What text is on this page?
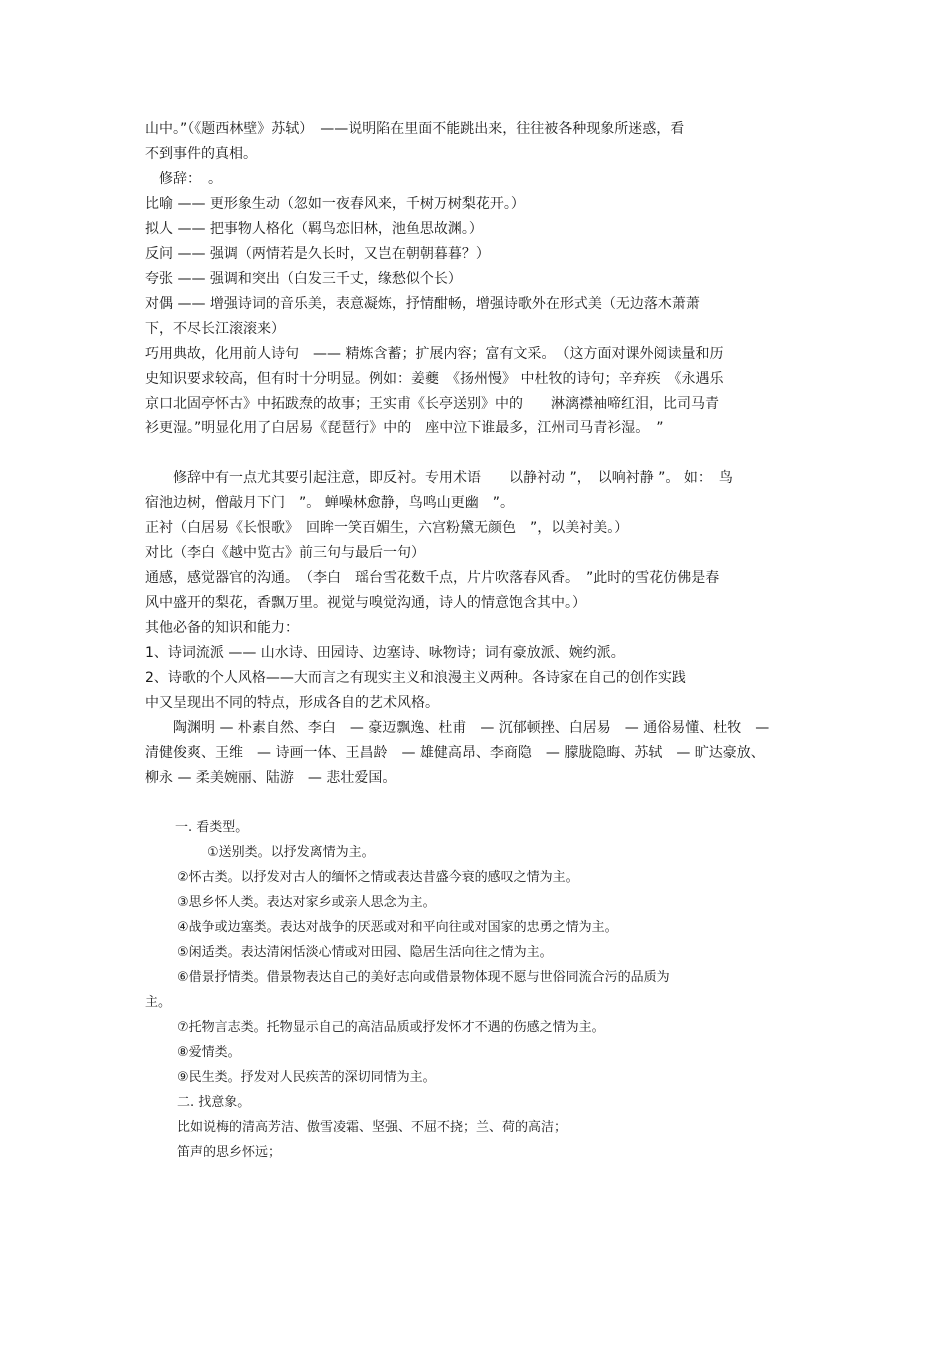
山中。”（《题西林壁》苏轼）　——说明陷在里面不能跳出来，往往被各种现象所迷惑，看
不到事件的真相。
　修辞：　。
比喻 —— 更形象生动（忽如一夜春风来，千树万树梨花开。）
拟人 —— 把事物人格化（羁鸟恋旧林，池鱼思故渊。）
反问 —— 强调（两情若是久长时，又岂在朝朝暮暮？）
夸张 —— 强调和突出（白发三千丈，缘愁似个长）
对偶 —— 增强诗词的音乐美，表意凝炼，抒情酣畅，增强诗歌外在形式美（无边落木萧萧
下，不尽长江滚滚来）
巧用典故，化用前人诗句　—— 精炼含蓄；扩展内容；富有文采。　（这方面对课外阅读量和历
史知识要求较高，但有时十分明显。例如：姜夔　《扬州慢》 中杜牧的诗句；辛弃疾　《永遇乐
京口北固亭怀古》中拓跋焘的故事；王实甫《长亭送别》中的　　淋漓襟袖啼红泪，比司马青
衫更湿。”明显化用了白居易《琵琶行》中的　座中泣下谁最多，江州司马青衫湿。　”
　　修辞中有一点尤其要引起注意，即反衬。专用术语　　以静衬动 ”，　以响衬静 ”。 如：　鸟
宿池边树，僧敲月下门　”。 蝉噪林愈静，鸟鸣山更幽　”。
正衬（白居易《长恨歌》　回眸一笑百媚生，六宫粉黛无颜色　”，以美衬美。）
对比（李白《越中览古》前三句与最后一句）
通感，感觉器官的沟通。　（李白　瑶台雪花数千点，片片吹落春风香。　”此时的雪花仿佛是春
风中盛开的梨花，香飘万里。视觉与嗅觉沟通，诗人的情意饱含其中。）
其他必备的知识和能力：
1、诗词流派 —— 山水诗、田园诗、边塞诗、咏物诗；词有豪放派、婉约派。
2、诗歌的个人风格——大而言之有现实主义和浪漫主义两种。各诗家在自己的创作实践
中又呈现出不同的特点，形成各自的艺术风格。
　　陶渊明 — 朴素自然、李白　— 豪迈飘逸、杜甫　— 沉郁顿挫、白居易　— 通俗易懂、杜牧　—
清健俊爽、王维　— 诗画一体、王昌龄　— 雄健高昂、李商隐　— 朦胧隐晦、苏轼　— 旷达豪放、
柳永 — 柔美婉丽、陆游　— 悲壮爱国。
一. 看类型。
①送别类。以抒发离情为主。
②怀古类。以抒发对古人的缅怀之情或表达昔盛今衰的感叹之情为主。
③思乡怀人类。表达对家乡或亲人思念为主。
④战争或边塞类。表达对战争的厌恶或对和平向往或对国家的忠勇之情为主。
⑤闲适类。表达清闲恬淡心情或对田园、隐居生活向往之情为主。
⑥借景抒情类。借景物表达自己的美好志向或借景物体现不愿与世俗同流合污的品质为
主。
⑦托物言志类。托物显示自己的高洁品质或抒发怀才不遇的伤感之情为主。
⑧爱情类。
⑨民生类。抒发对人民疾苦的深切同情为主。
二. 找意象。
比如说梅的清高芳洁、傲雪凌霜、坚强、不屈不挠；兰、荷的高洁；
笛声的思乡怀远；
